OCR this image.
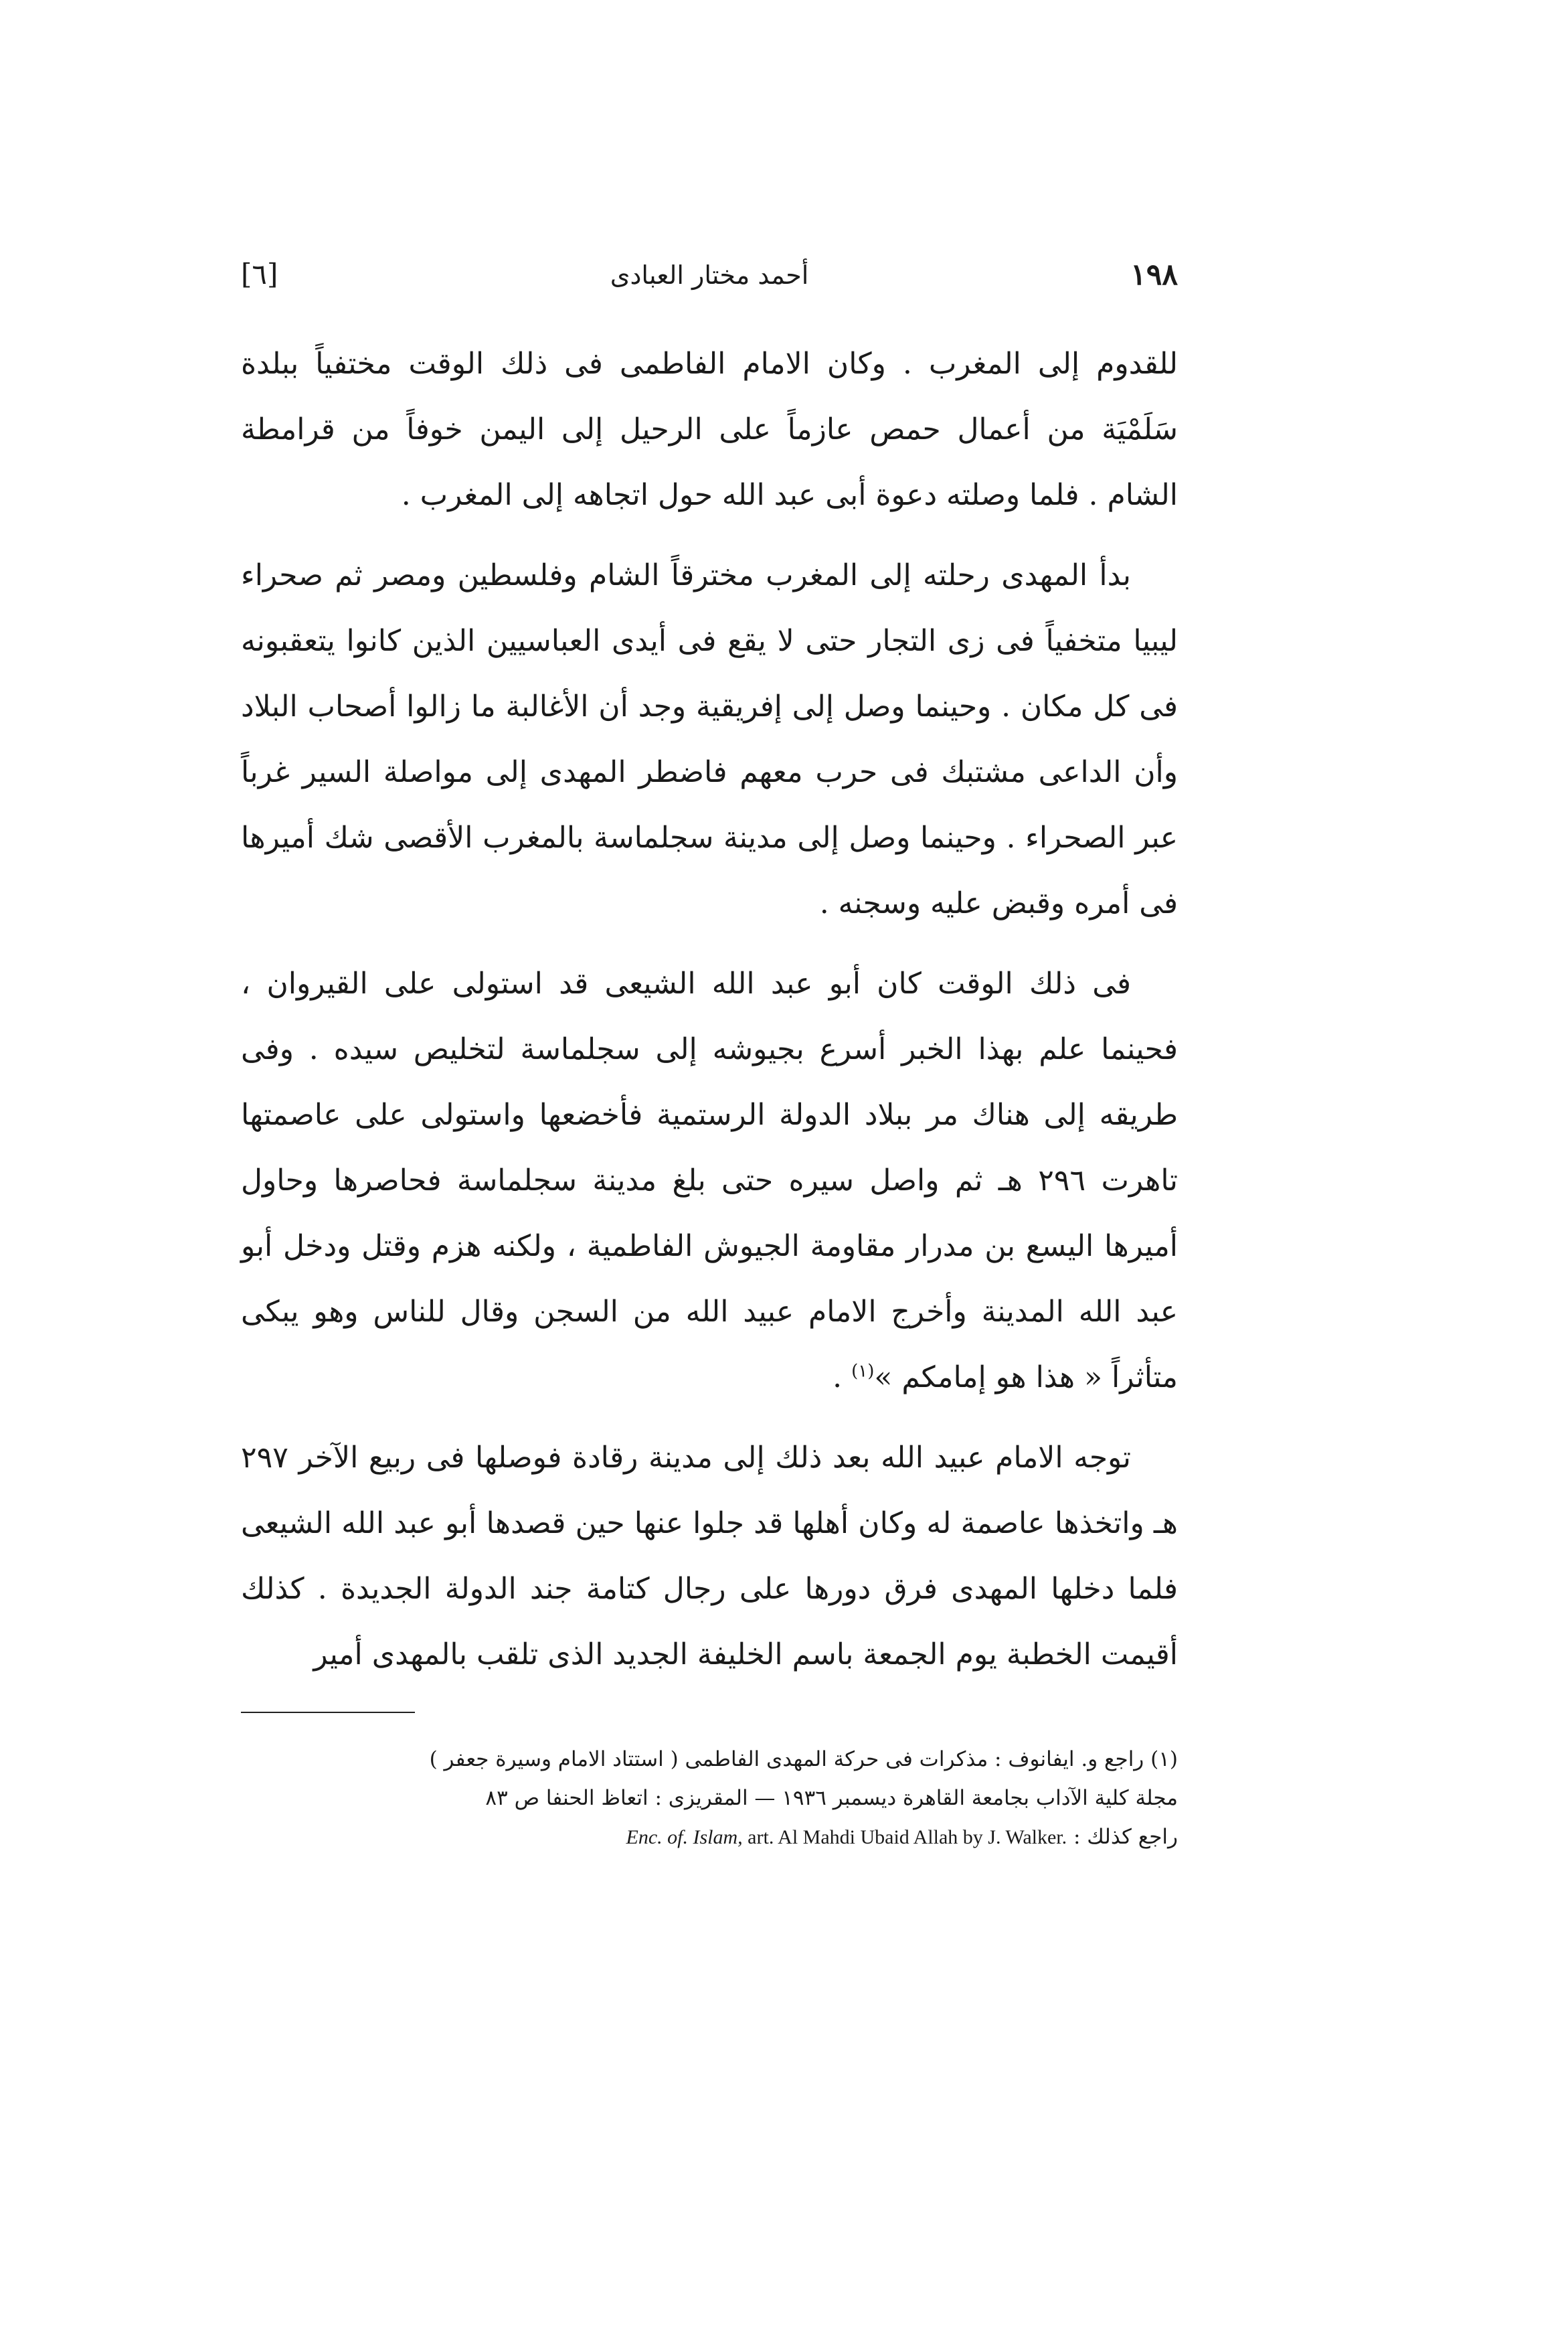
[٦]	أحمد مختار العبادى	١٩٨

للقدوم إلى المغرب . وكان الامام الفاطمى فى ذلك الوقت مختفياً ببلدة سَلَمْيَة من أعمال حمص عازماً على الرحيل إلى اليمن خوفاً من قرامطة الشام . فلما وصلته دعوة أبى عبد الله حول اتجاهه إلى المغرب .

بدأ المهدى رحلته إلى المغرب مخترقاً الشام وفلسطين ومصر ثم صحراء ليبيا متخفياً فى زى التجار حتى لا يقع فى أيدى العباسيين الذين كانوا يتعقبونه فى كل مكان . وحينما وصل إلى إفريقية وجد أن الأغالبة ما زالوا أصحاب البلاد وأن الداعى مشتبك فى حرب معهم فاضطر المهدى إلى مواصلة السير غرباً عبر الصحراء . وحينما وصل إلى مدينة سجلماسة بالمغرب الأقصى شك أميرها فى أمره وقبض عليه وسجنه .

فى ذلك الوقت كان أبو عبد الله الشيعى قد استولى على القيروان ، فحينما علم بهذا الخبر أسرع بجيوشه إلى سجلماسة لتخليص سيده . وفى طريقه إلى هناك مر ببلاد الدولة الرستمية فأخضعها واستولى على عاصمتها تاهرت ٢٩٦ هـ ثم واصل سيره حتى بلغ مدينة سجلماسة فحاصرها وحاول أميرها اليسع بن مدرار مقاومة الجيوش الفاطمية ، ولكنه هزم وقتل ودخل أبو عبد الله المدينة وأخرج الامام عبيد الله من السجن وقال للناس وهو يبكى متأثراً « هذا هو إمامكم »$^{(١)}$ .

توجه الامام عبيد الله بعد ذلك إلى مدينة رقادة فوصلها فى ربيع الآخر ٢٩٧ هـ واتخذها عاصمة له وكان أهلها قد جلوا عنها حين قصدها أبو عبد الله الشيعى فلما دخلها المهدى فرق دورها على رجال كتامة جند الدولة الجديدة . كذلك أقيمت الخطبة يوم الجمعة باسم الخليفة الجديد الذى تلقب بالمهدى أمير

(١) راجع و. ايفانوف : مذكرات فى حركة المهدى الفاطمى ( استتاد الامام وسيرة جعفر )

مجلة كلية الآداب بجامعة القاهرة ديسمبر ١٩٣٦ — المقريزى : اتعاظ الحنفا ص ٨٣

راجع كذلك : Enc. of. Islam, art. Al Mahdi Ubaid Allah by J. Walker.
